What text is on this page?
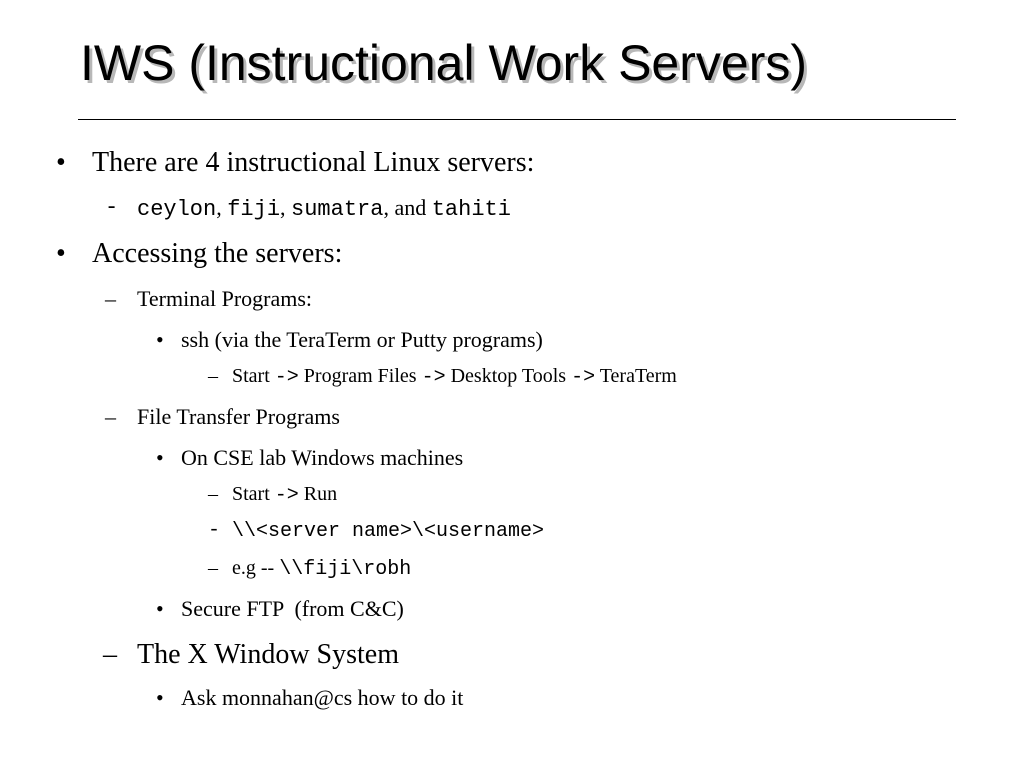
IWS (Instructional Work Servers)
• There are 4 instructional Linux servers:
- ceylon, fiji, sumatra, and tahiti
• Accessing the servers:
– Terminal Programs:
• ssh (via the TeraTerm or Putty programs)
– Start -> Program Files -> Desktop Tools -> TeraTerm
– File Transfer Programs
• On CSE lab Windows machines
– Start -> Run
- \\<server name>\<username>
– e.g -- \\fiji\robh
• Secure FTP  (from C&C)
– The X Window System
• Ask monnahan@cs how to do it
